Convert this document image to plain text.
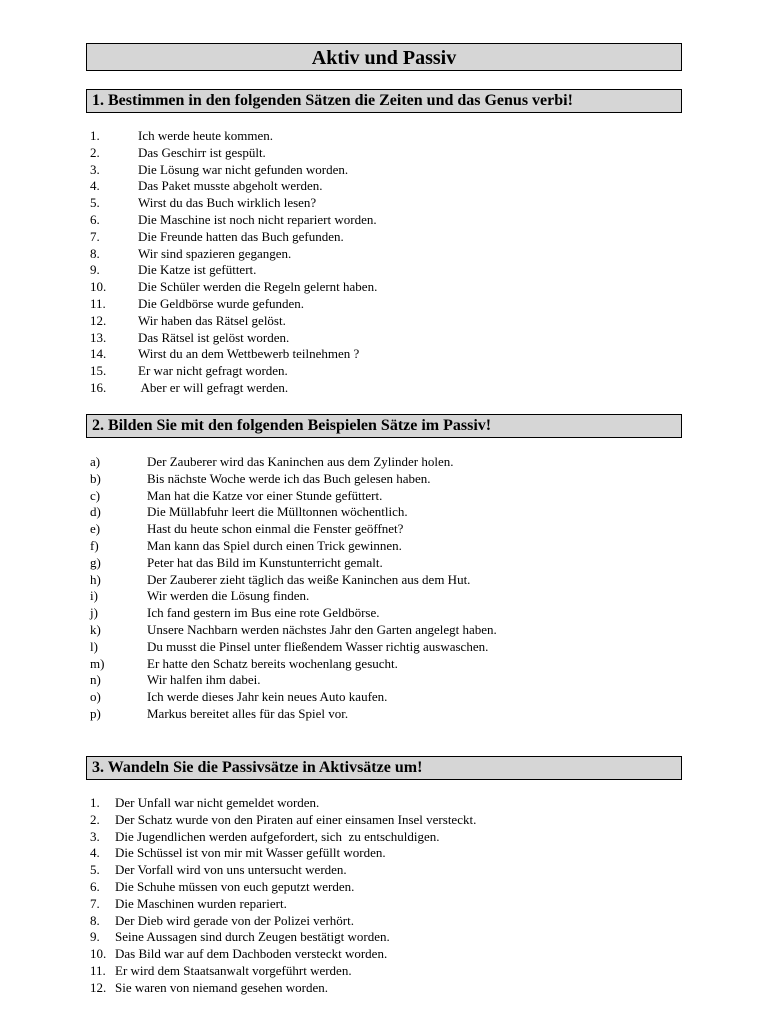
Aktiv und Passiv
1. Bestimmen in den folgenden Sätzen die Zeiten und das Genus verbi!
1.	Ich werde heute kommen.
2.	Das Geschirr ist gespült.
3.	Die Lösung war nicht gefunden worden.
4.	Das Paket musste abgeholt werden.
5.	Wirst du das Buch wirklich lesen?
6.	Die Maschine ist noch nicht repariert worden.
7.	Die Freunde hatten das Buch gefunden.
8.	Wir sind spazieren gegangen.
9.	Die Katze ist gefüttert.
10. Die Schüler werden die Regeln gelernt haben.
11. Die Geldbörse wurde gefunden.
12. Wir haben das Rätsel gelöst.
13. Das Rätsel ist gelöst worden.
14. Wirst du an dem Wettbewerb teilnehmen ?
15. Er war nicht gefragt worden.
16. Aber er will gefragt werden.
2. Bilden Sie mit den folgenden Beispielen Sätze im Passiv!
a)	Der Zauberer wird das Kaninchen aus dem Zylinder holen.
b)	Bis nächste Woche werde ich das Buch gelesen haben.
c)	Man hat die Katze vor einer Stunde gefüttert.
d)	Die Müllabfuhr leert die Mülltonnen wöchentlich.
e)	Hast du heute schon einmal die Fenster geöffnet?
f)	Man kann das Spiel durch einen Trick gewinnen.
g)	Peter hat das Bild im Kunstunterricht gemalt.
h)	Der Zauberer zieht täglich das weiße Kaninchen aus dem Hut.
i)	Wir werden die Lösung finden.
j)	Ich fand gestern im Bus eine rote Geldbörse.
k)	Unsere Nachbarn werden nächstes Jahr den Garten angelegt haben.
l)	Du musst die Pinsel unter fließendem Wasser richtig auswaschen.
m)	Er hatte den Schatz bereits wochenlang gesucht.
n)	Wir halfen ihm dabei.
o)	Ich werde dieses Jahr kein neues Auto kaufen.
p)	Markus bereitet alles für das Spiel vor.
3. Wandeln Sie die Passivsätze in Aktivsätze um!
1. Der Unfall war nicht gemeldet worden.
2. Der Schatz wurde von den Piraten auf einer einsamen Insel versteckt.
3. Die Jugendlichen werden aufgefordert, sich  zu entschuldigen.
4. Die Schüssel ist von mir mit Wasser gefüllt worden.
5. Der Vorfall wird von uns untersucht werden.
6. Die Schuhe müssen von euch geputzt werden.
7. Die Maschinen wurden repariert.
8. Der Dieb wird gerade von der Polizei verhört.
9. Seine Aussagen sind durch Zeugen bestätigt worden.
10. Das Bild war auf dem Dachboden versteckt worden.
11. Er wird dem Staatsanwalt vorgeführt werden.
12. Sie waren von niemand gesehen worden.
